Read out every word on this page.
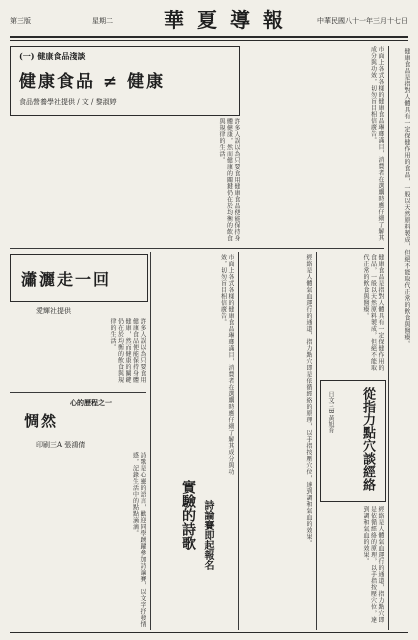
第三版	星期二	華 夏 導 報	中華民國八十一年三月十七日
健康食品是指對人體具有一定保健作用的食品，一般以天然原料製成，但絕不能取代正常的飲食與醫療。
(一) 健康食品淺談
健康食品 ≠ 健康
食品營養學社提供 / 文 / 黎淑婷
許多人誤以為只要食用健康食品便能保持身體健康，然而健康的關鍵仍在於均衡的飲食與規律的生活。	市面上各式各樣的健康食品琳瑯滿目，消費者在選購時應仔細了解其成分與功效，切勿盲目相信廣告。
瀟灑走一回
愛輝社提供
許多人誤以為只要食用健康食品便能保持身體健康，然而健康的關鍵仍在於均衡的飲食與規律的生活。
心的歷程之一
惆然
印刷三A 張鴻倩
詩歌是心靈的語言，歡迎同學踴躍參加詩論賽，以文字抒發情感，記錄生活中的點點滴滴。
市面上各式各樣的健康食品琳瑯滿目，消費者在選購時應仔細了解其成分與功效，切勿盲目相信廣告。
實驗的詩歌 詩論賽即起報名	經絡是人體氣血運行的通道，指力點穴即是依循經絡的原理，以手指按壓穴位，達到調和氣血的效果。	從指力點穴談經絡
日文三B 黃旭育
健康食品是指對人體具有一定保健作用的食品，一般以天然原料製成，但絕不能取代正常的飲食與醫療。
經絡是人體氣血運行的通道，指力點穴即是依循經絡的原理，以手指按壓穴位，達到調和氣血的效果。
